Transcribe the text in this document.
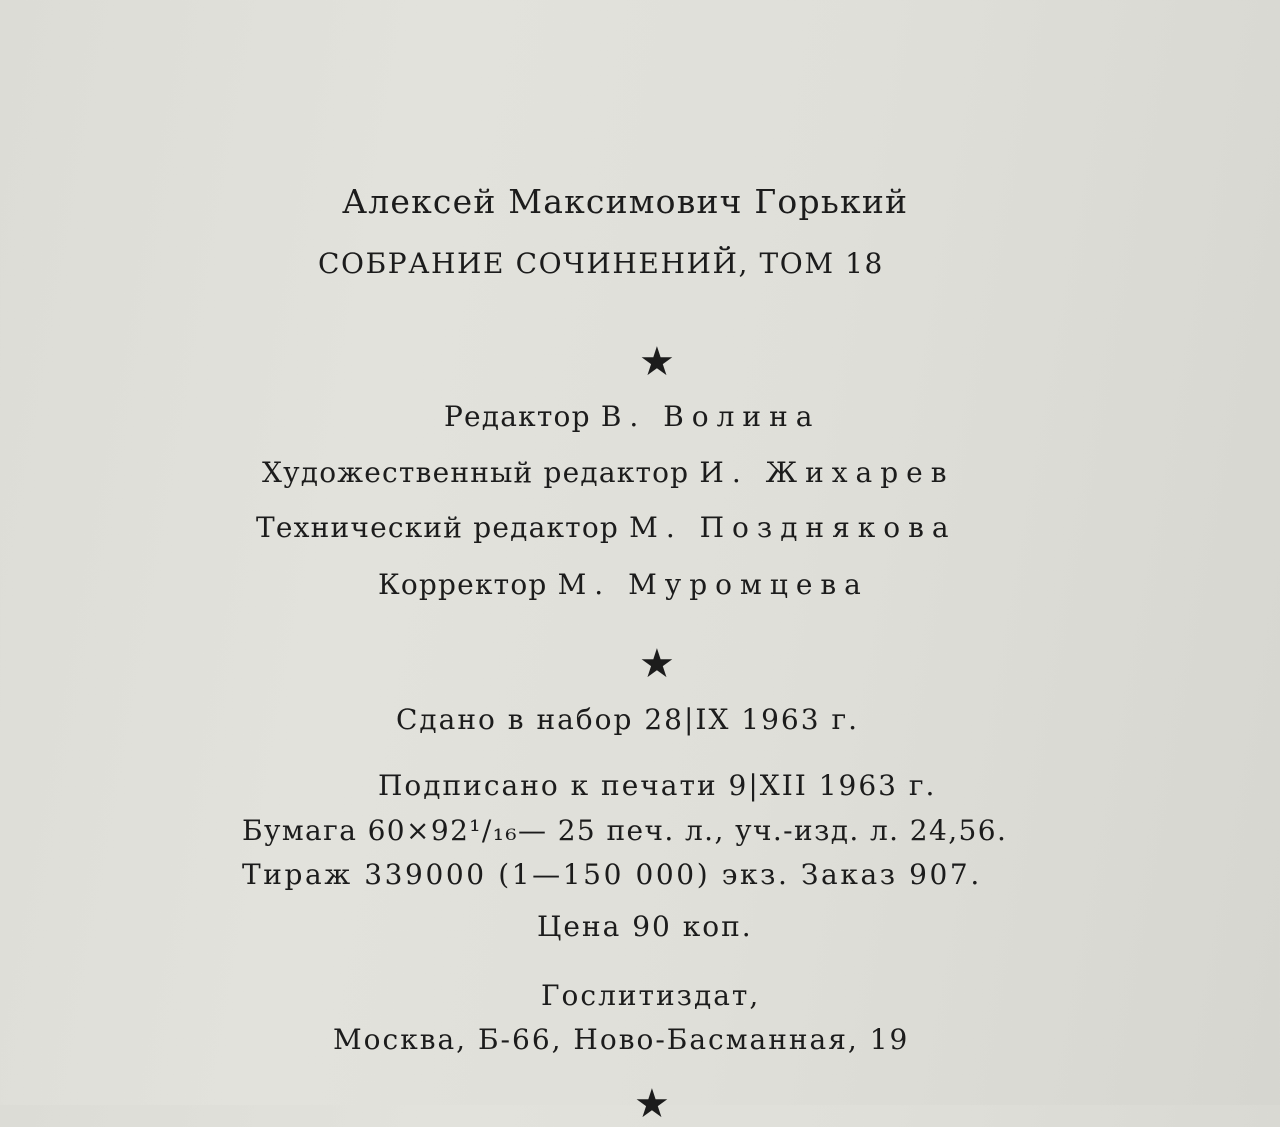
Алексей Максимович Горький
СОБРАНИЕ СОЧИНЕНИЙ, ТОМ 18
★
Редактор В. Волина
Художественный редактор И. Жихарев
Технический редактор М. Позднякова
Корректор М. Муромцева
★
Сдано в набор 28|IX 1963 г.
Подписано к печати 9|XII 1963 г.
Бумага 60×92¹/₁₆— 25 печ. л., уч.-изд. л. 24,56.
Тираж 339000 (1—150 000) экз. Заказ 907.
Цена 90 коп.
Гослитиздат,
Москва, Б-66, Ново-Басманная, 19
★
